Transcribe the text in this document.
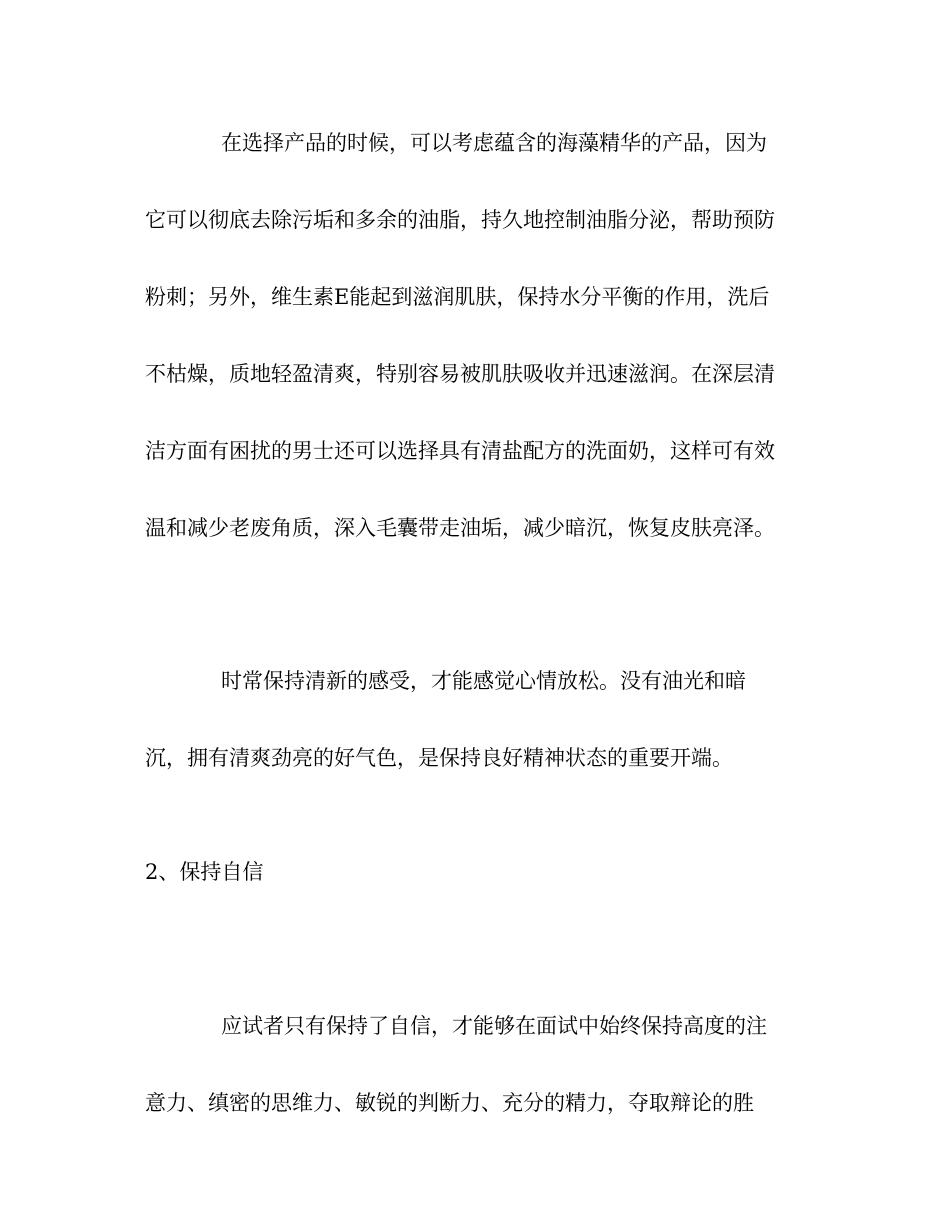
在选择产品的时候，可以考虑蕴含的海藻精华的产品，因为
它可以彻底去除污垢和多余的油脂，持久地控制油脂分泌，帮助预防
粉刺；另外，维生素E能起到滋润肌肤，保持水分平衡的作用，洗后
不枯燥，质地轻盈清爽，特别容易被肌肤吸收并迅速滋润。在深层清
洁方面有困扰的男士还可以选择具有清盐配方的洗面奶，这样可有效
温和减少老废角质，深入毛囊带走油垢，减少暗沉，恢复皮肤亮泽。
时常保持清新的感受，才能感觉心情放松。没有油光和暗
沉，拥有清爽劲亮的好气色，是保持良好精神状态的重要开端。
2、保持自信
应试者只有保持了自信，才能够在面试中始终保持高度的注
意力、缜密的思维力、敏锐的判断力、充分的精力，夺取辩论的胜
